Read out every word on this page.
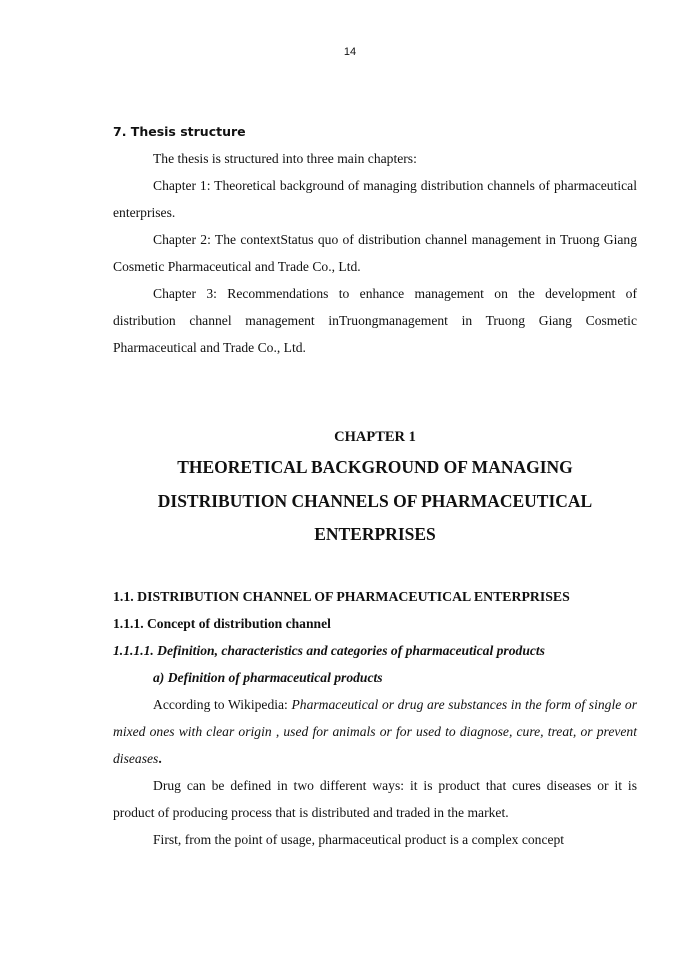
14

7. Thesis structure

The thesis is structured into three main chapters:

Chapter 1: Theoretical background of managing distribution channels of pharmaceutical enterprises.

Chapter 2: The contextStatus quo of distribution channel management in Truong Giang Cosmetic Pharmaceutical and Trade Co., Ltd.

Chapter 3: Recommendations to enhance management on the development of distribution channel management inTruongmanagement in Truong Giang Cosmetic Pharmaceutical and Trade Co., Ltd.

CHAPTER 1
THEORETICAL BACKGROUND OF MANAGING
DISTRIBUTION CHANNELS OF PHARMACEUTICAL
ENTERPRISES

1.1. DISTRIBUTION CHANNEL OF PHARMACEUTICAL ENTERPRISES

1.1.1. Concept of distribution channel

1.1.1.1. Definition, characteristics and categories of pharmaceutical products

a) Definition of pharmaceutical products

According to Wikipedia: Pharmaceutical or drug are substances in the form of single or mixed ones with clear origin , used for animals or for used to diagnose, cure, treat, or prevent diseases.

Drug can be defined in two different ways: it is product that cures diseases or it is product of producing process that is distributed and traded in the market.

First, from the point of usage, pharmaceutical product is a complex concept
